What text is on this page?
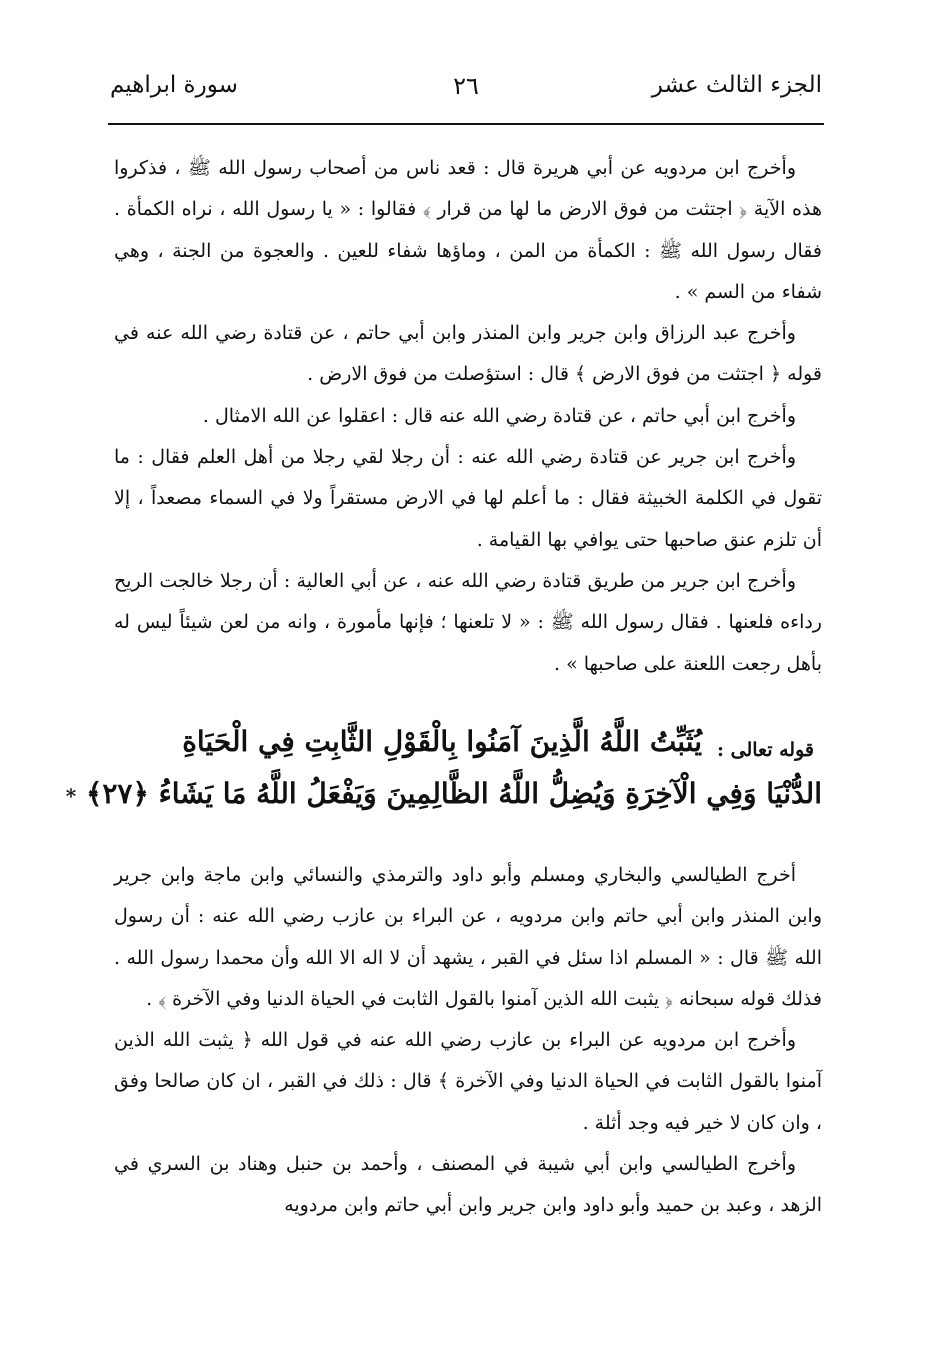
الجزء الثالث عشر
٢٦
سورة ابراهيم

وأخرج ابن مردويه عن أبي هريرة قال : قعد ناس من أصحاب رسول الله ﷺ ، فذكروا هذه الآية ﴿ اجتثت من فوق الارض ما لها من قرار ﴾ فقالوا : « يا رسول الله ، نراه الكمأة . فقال رسول الله ﷺ : الكمأة من المن ، وماؤها شفاء للعين . والعجوة من الجنة ، وهي شفاء من السم » .

وأخرج عبد الرزاق وابن جرير وابن المنذر وابن أبي حاتم ، عن قتادة رضي الله عنه في قوله ﴿ اجتثت من فوق الارض ﴾ قال : استؤصلت من فوق الارض .

وأخرج ابن أبي حاتم ، عن قتادة رضي الله عنه قال : اعقلوا عن الله الامثال .

وأخرج ابن جرير عن قتادة رضي الله عنه : أن رجلا لقي رجلا من أهل العلم فقال : ما تقول في الكلمة الخبيثة فقال : ما أعلم لها في الارض مستقراً ولا في السماء مصعداً ، إلا أن تلزم عنق صاحبها حتى يوافي بها القيامة .

وأخرج ابن جرير من طريق قتادة رضي الله عنه ، عن أبي العالية : أن رجلا خالجت الريح رداءه فلعنها . فقال رسول الله ﷺ : « لا تلعنها ؛ فإنها مأمورة ، وانه من لعن شيئاً ليس له بأهل رجعت اللعنة على صاحبها » .

قوله تعالى :
يُثَبِّتُ اللَّهُ الَّذِينَ آمَنُوا بِالْقَوْلِ الثَّابِتِ فِي الْحَيَاةِ
الدُّنْيَا وَفِي الْآخِرَةِ وَيُضِلُّ اللَّهُ الظَّالِمِينَ وَيَفْعَلُ اللَّهُ مَا يَشَاءُ ﴿٢٧﴾ *

أخرج الطيالسي والبخاري ومسلم وأبو داود والترمذي والنسائي وابن ماجة وابن جرير وابن المنذر وابن أبي حاتم وابن مردويه ، عن البراء بن عازب رضي الله عنه : أن رسول الله ﷺ قال : « المسلم اذا سئل في القبر ، يشهد أن لا اله الا الله وأن محمدا رسول الله . فذلك قوله سبحانه ﴿ يثبت الله الذين آمنوا بالقول الثابت في الحياة الدنيا وفي الآخرة ﴾ .

وأخرج ابن مردويه عن البراء بن عازب رضي الله عنه في قول الله ﴿ يثبت الله الذين آمنوا بالقول الثابت في الحياة الدنيا وفي الآخرة ﴾ قال : ذلك في القبر ، ان كان صالحا وفق ، وان كان لا خير فيه وجد أثلة .

وأخرج الطيالسي وابن أبي شيبة في المصنف ، وأحمد بن حنبل وهناد بن السري في الزهد ، وعبد بن حميد وأبو داود وابن جرير وابن أبي حاتم وابن مردويه
